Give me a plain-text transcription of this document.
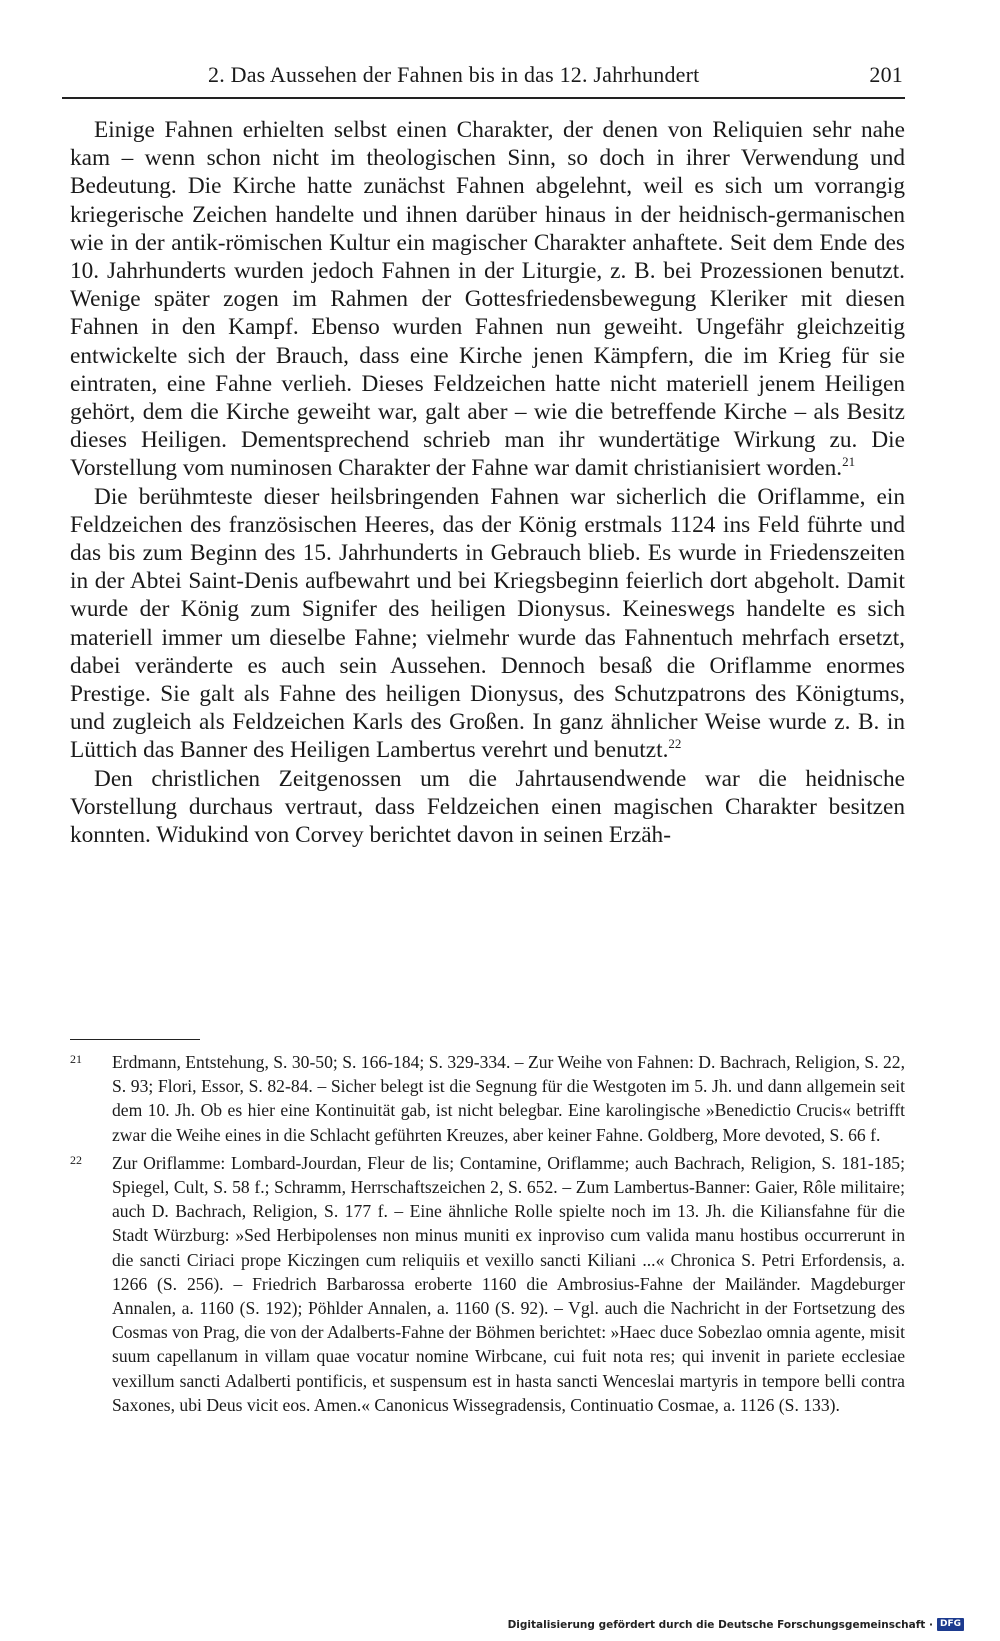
2. Das Aussehen der Fahnen bis in das 12. Jahrhundert	201

Einige Fahnen erhielten selbst einen Charakter, der denen von Reliquien sehr nahe kam – wenn schon nicht im theologischen Sinn, so doch in ihrer Verwendung und Bedeutung. Die Kirche hatte zunächst Fahnen abgelehnt, weil es sich um vorrangig kriegerische Zeichen handelte und ihnen darüber hinaus in der heidnisch-germanischen wie in der antik-römischen Kultur ein magischer Charakter anhaftete. Seit dem Ende des 10. Jahrhunderts wurden jedoch Fahnen in der Liturgie, z. B. bei Prozessionen benutzt. Wenige später zogen im Rahmen der Gottesfriedensbewegung Kleriker mit diesen Fahnen in den Kampf. Ebenso wurden Fahnen nun geweiht. Ungefähr gleichzeitig entwickelte sich der Brauch, dass eine Kirche jenen Kämpfern, die im Krieg für sie eintraten, eine Fahne verlieh. Dieses Feldzeichen hatte nicht materiell jenem Heiligen gehört, dem die Kirche geweiht war, galt aber – wie die betreffende Kirche – als Besitz dieses Heiligen. Dementsprechend schrieb man ihr wundertätige Wirkung zu. Die Vorstellung vom numinosen Charakter der Fahne war damit christianisiert worden.$^{21}$

Die berühmteste dieser heilsbringenden Fahnen war sicherlich die Oriflamme, ein Feldzeichen des französischen Heeres, das der König erstmals 1124 ins Feld führte und das bis zum Beginn des 15. Jahrhunderts in Gebrauch blieb. Es wurde in Friedenszeiten in der Abtei Saint-Denis aufbewahrt und bei Kriegsbeginn feierlich dort abgeholt. Damit wurde der König zum Signifer des heiligen Dionysus. Keineswegs handelte es sich materiell immer um dieselbe Fahne; vielmehr wurde das Fahnentuch mehrfach ersetzt, dabei veränderte es auch sein Aussehen. Dennoch besaß die Oriflamme enormes Prestige. Sie galt als Fahne des heiligen Dionysus, des Schutzpatrons des Königtums, und zugleich als Feldzeichen Karls des Großen. In ganz ähnlicher Weise wurde z. B. in Lüttich das Banner des Heiligen Lambertus verehrt und benutzt.$^{22}$

Den christlichen Zeitgenossen um die Jahrtausendwende war die heidnische Vorstellung durchaus vertraut, dass Feldzeichen einen magischen Charakter besitzen konnten. Widukind von Corvey berichtet davon in seinen Erzäh-

21 Erdmann, Entstehung, S. 30-50; S. 166-184; S. 329-334. – Zur Weihe von Fahnen: D. Bachrach, Religion, S. 22, S. 93; Flori, Essor, S. 82-84. – Sicher belegt ist die Segnung für die Westgoten im 5. Jh. und dann allgemein seit dem 10. Jh. Ob es hier eine Kontinuität gab, ist nicht belegbar. Eine karolingische »Benedictio Crucis« betrifft zwar die Weihe eines in die Schlacht geführten Kreuzes, aber keiner Fahne. Goldberg, More devoted, S. 66 f.
22 Zur Oriflamme: Lombard-Jourdan, Fleur de lis; Contamine, Oriflamme; auch Bachrach, Religion, S. 181-185; Spiegel, Cult, S. 58 f.; Schramm, Herrschaftszeichen 2, S. 652. – Zum Lambertus-Banner: Gaier, Rôle militaire; auch D. Bachrach, Religion, S. 177 f. – Eine ähnliche Rolle spielte noch im 13. Jh. die Kiliansfahne für die Stadt Würzburg: »Sed Herbipolenses non minus muniti ex inproviso cum valida manu hostibus occurrerunt in die sancti Ciriaci prope Kiczingen cum reliquiis et vexillo sancti Kiliani ...« Chronica S. Petri Erfordensis, a. 1266 (S. 256). – Friedrich Barbarossa eroberte 1160 die Ambrosius-Fahne der Mailänder. Magdeburger Annalen, a. 1160 (S. 192); Pöhlder Annalen, a. 1160 (S. 92). – Vgl. auch die Nachricht in der Fortsetzung des Cosmas von Prag, die von der Adalberts-Fahne der Böhmen berichtet: »Haec duce Sobezlao omnia agente, misit suum capellanum in villam quae vocatur nomine Wirbcane, cui fuit nota res; qui invenit in pariete ecclesiae vexillum sancti Adalberti pontificis, et suspensum est in hasta sancti Wenceslai martyris in tempore belli contra Saxones, ubi Deus vicit eos. Amen.« Canonicus Wissegradensis, Continuatio Cosmae, a. 1126 (S. 133).
Digitalisierung gefördert durch die Deutsche Forschungsgemeinschaft · DFG
